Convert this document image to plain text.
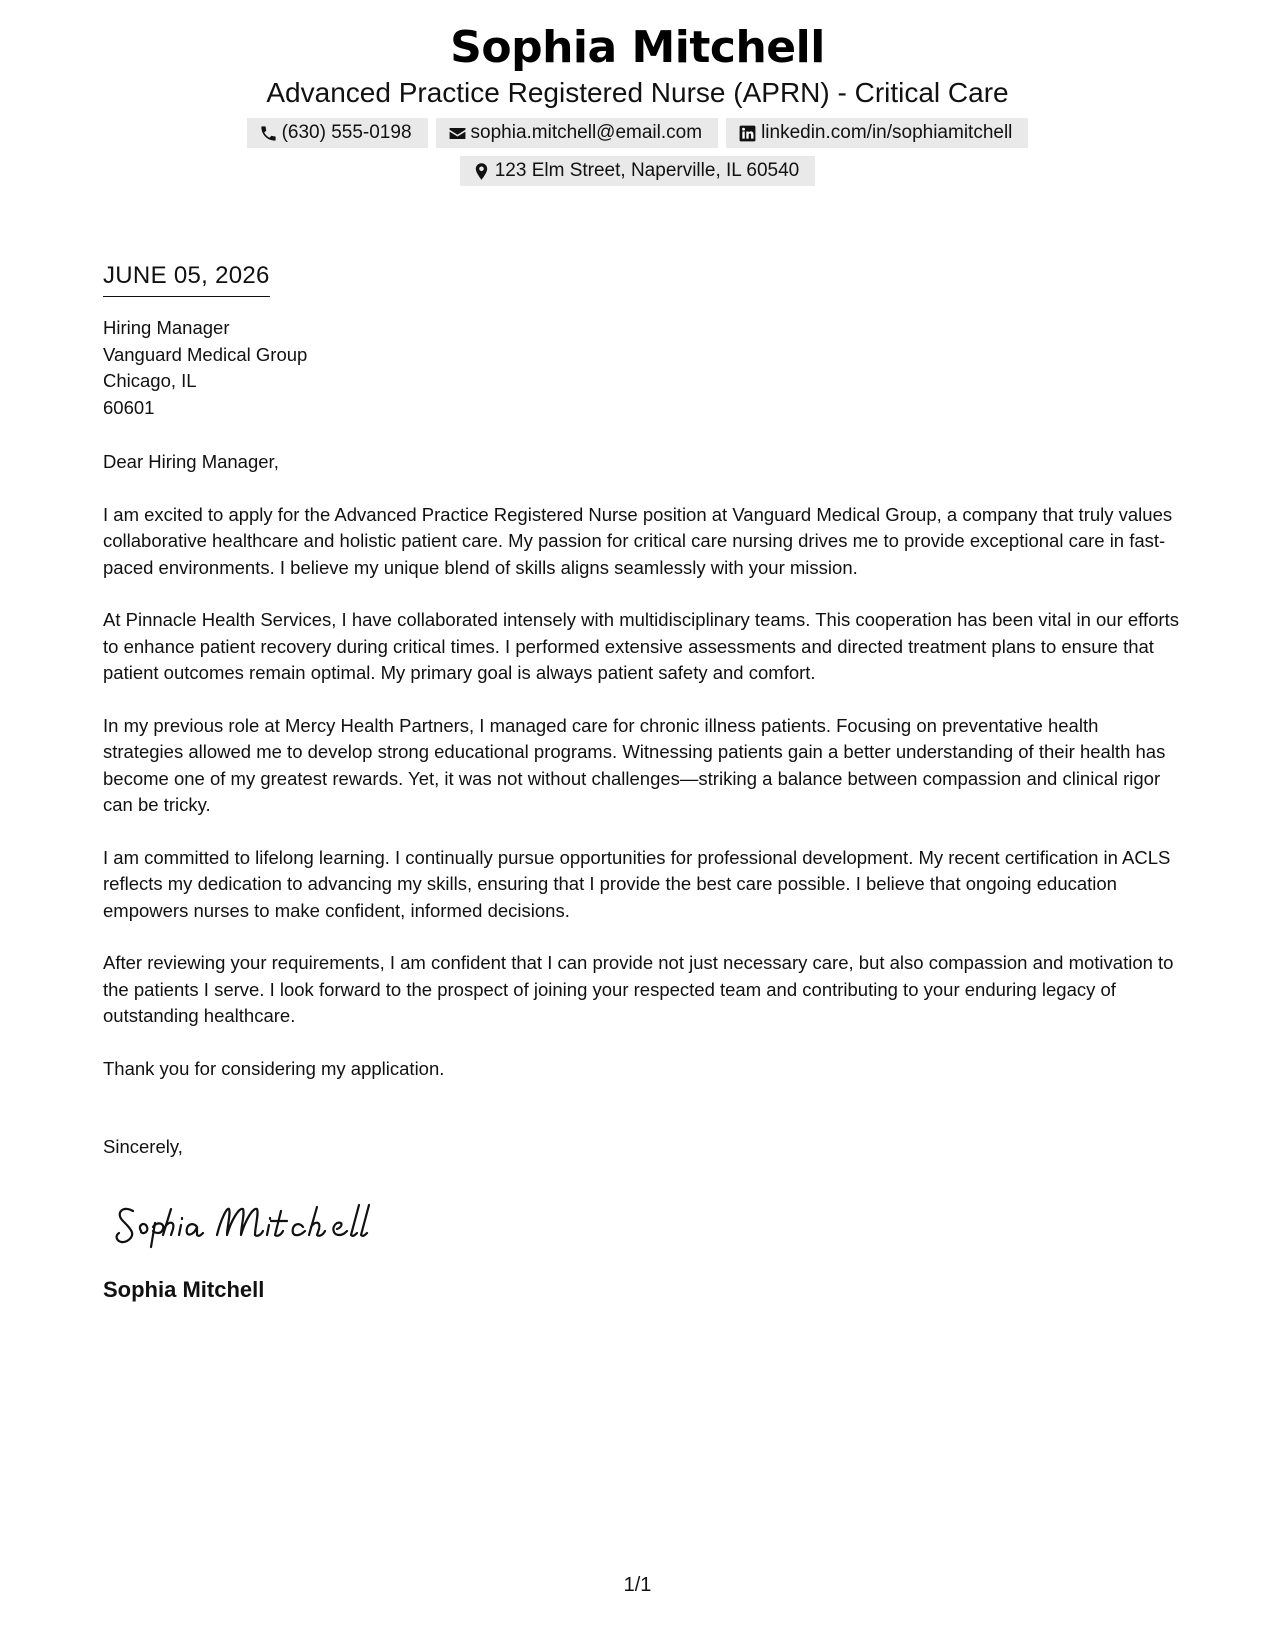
Sophia Mitchell
Advanced Practice Registered Nurse (APRN) - Critical Care
(630) 555-0198	sophia.mitchell@email.com	linkedin.com/in/sophiamitchell
123 Elm Street, Naperville, IL 60540
JUNE 05, 2026
Hiring Manager
Vanguard Medical Group
Chicago, IL
60601
Dear Hiring Manager,
I am excited to apply for the Advanced Practice Registered Nurse position at Vanguard Medical Group, a company that truly values collaborative healthcare and holistic patient care. My passion for critical care nursing drives me to provide exceptional care in fast-paced environments. I believe my unique blend of skills aligns seamlessly with your mission.
At Pinnacle Health Services, I have collaborated intensely with multidisciplinary teams. This cooperation has been vital in our efforts to enhance patient recovery during critical times. I performed extensive assessments and directed treatment plans to ensure that patient outcomes remain optimal. My primary goal is always patient safety and comfort.
In my previous role at Mercy Health Partners, I managed care for chronic illness patients. Focusing on preventative health strategies allowed me to develop strong educational programs. Witnessing patients gain a better understanding of their health has become one of my greatest rewards. Yet, it was not without challenges—striking a balance between compassion and clinical rigor can be tricky.
I am committed to lifelong learning. I continually pursue opportunities for professional development. My recent certification in ACLS reflects my dedication to advancing my skills, ensuring that I provide the best care possible. I believe that ongoing education empowers nurses to make confident, informed decisions.
After reviewing your requirements, I am confident that I can provide not just necessary care, but also compassion and motivation to the patients I serve. I look forward to the prospect of joining your respected team and contributing to your enduring legacy of outstanding healthcare.
Thank you for considering my application.
Sincerely,
Sophia Mitchell
1/1
